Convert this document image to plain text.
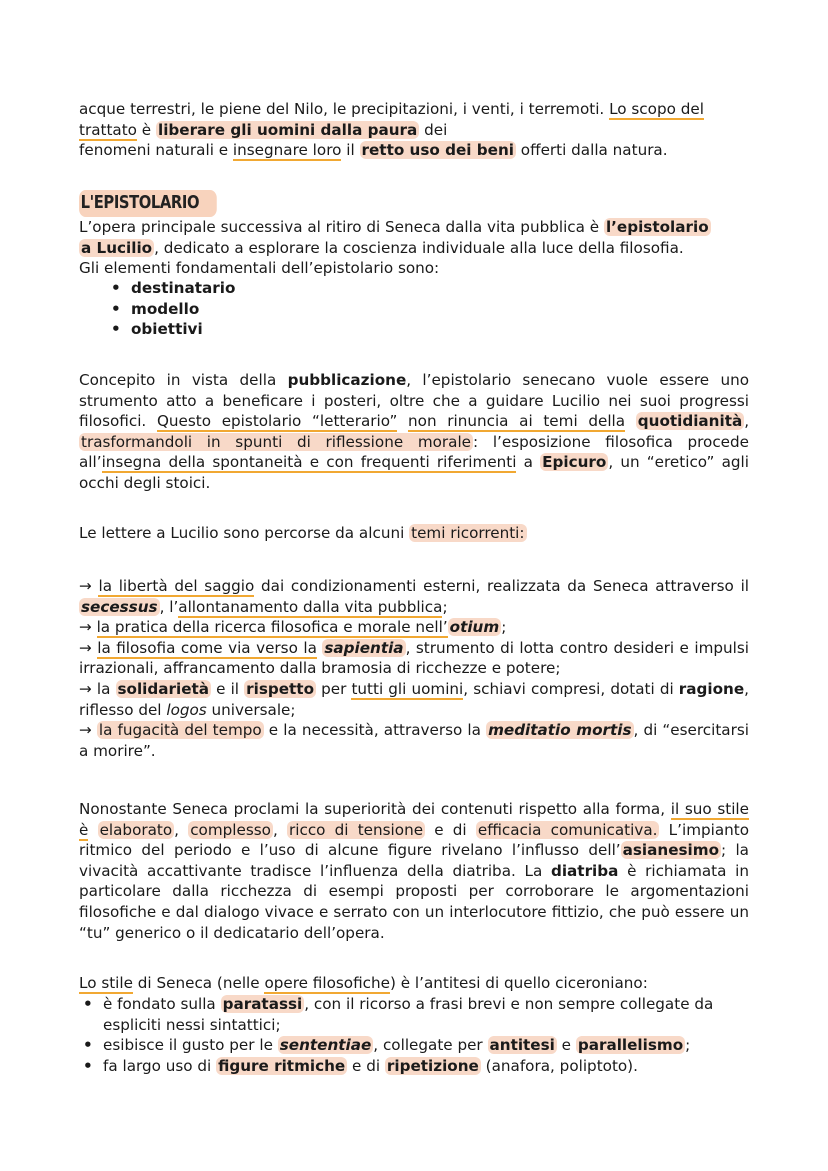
acque terrestri, le piene del Nilo, le precipitazioni, i venti, i terremoti. Lo scopo del
trattato è liberare gli uomini dalla paura dei
fenomeni naturali e insegnare loro il retto uso dei beni offerti dalla natura.

L'EPISTOLARIO

L’opera principale successiva al ritiro di Seneca dalla vita pubblica è l’epistolario
a Lucilio , dedicato a esplorare la coscienza individuale alla luce della filosofia.
Gli elementi fondamentali dell’epistolario sono:

• destinatario
• modello
• obiettivi

Concepito in vista della pubblicazione, l’epistolario senecano vuole essere uno strumento atto a beneficare i posteri, oltre che a guidare Lucilio nei suoi progressi filosofici. Questo epistolario “letterario” non rinuncia ai temi della quotidianità , trasformandoli in spunti di riflessione morale : l’esposizione filosofica procede all’insegna della spontaneità e con frequenti riferimenti a Epicuro , un “eretico” agli occhi degli stoici.

Le lettere a Lucilio sono percorse da alcuni temi ricorrenti:

→ la libertà del saggio dai condizionamenti esterni, realizzata da Seneca attraverso il secessus , l’allontanamento dalla vita pubblica;
→ la pratica della ricerca filosofica e morale nell’ otium ;
→ la filosofia come via verso la sapientia , strumento di lotta contro desideri e impulsi irrazionali, affrancamento dalla bramosia di ricchezze e potere;
→ la solidarietà e il rispetto per tutti gli uomini, schiavi compresi, dotati di ragione, riflesso del logos universale;
→ la fugacità del tempo e la necessità, attraverso la meditatio mortis , di “esercitarsi a morire”.

Nonostante Seneca proclami la superiorità dei contenuti rispetto alla forma, il suo stile è elaborato , complesso , ricco di tensione e di efficacia comunicativa. L’impianto ritmico del periodo e l’uso di alcune figure rivelano l’influsso dell’ asianesimo ; la vivacità accattivante tradisce l’influenza della diatriba. La diatriba è richiamata in particolare dalla ricchezza di esempi proposti per corroborare le argomentazioni filosofiche e dal dialogo vivace e serrato con un interlocutore fittizio, che può essere un “tu” generico o il dedicatario dell’opera.

Lo stile di Seneca (nelle opere filosofiche) è l’antitesi di quello ciceroniano:

• è fondato sulla paratassi , con il ricorso a frasi brevi e non sempre collegate da espliciti nessi sintattici;
• esibisce il gusto per le sententiae , collegate per antitesi e parallelismo ;
• fa largo uso di figure ritmiche e di ripetizione (anafora, poliptoto).
